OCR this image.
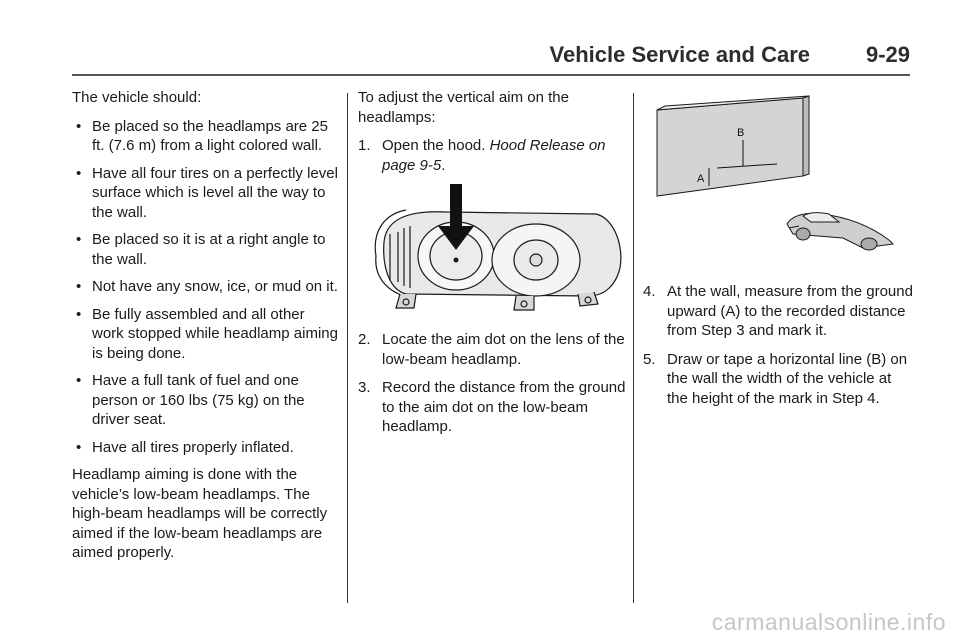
Vehicle Service and Care	9-29

The vehicle should:

• Be placed so the headlamps are 25 ft. (7.6 m) from a light colored wall.
• Have all four tires on a perfectly level surface which is level all the way to the wall.
• Be placed so it is at a right angle to the wall.
• Not have any snow, ice, or mud on it.
• Be fully assembled and all other work stopped while headlamp aiming is being done.
• Have a full tank of fuel and one person or 160 lbs (75 kg) on the driver seat.
• Have all tires properly inflated.

Headlamp aiming is done with the vehicle’s low-beam headlamps. The high-beam headlamps will be correctly aimed if the low-beam headlamps are aimed properly.

To adjust the vertical aim on the headlamps:

1. Open the hood. Hood Release on page 9-5.
2. Locate the aim dot on the lens of the low-beam headlamp.
3. Record the distance from the ground to the aim dot on the low-beam headlamp.
B
A
4. At the wall, measure from the ground upward (A) to the recorded distance from Step 3 and mark it.
5. Draw or tape a horizontal line (B) on the wall the width of the vehicle at the height of the mark in Step 4.
carmanualsonline.info
